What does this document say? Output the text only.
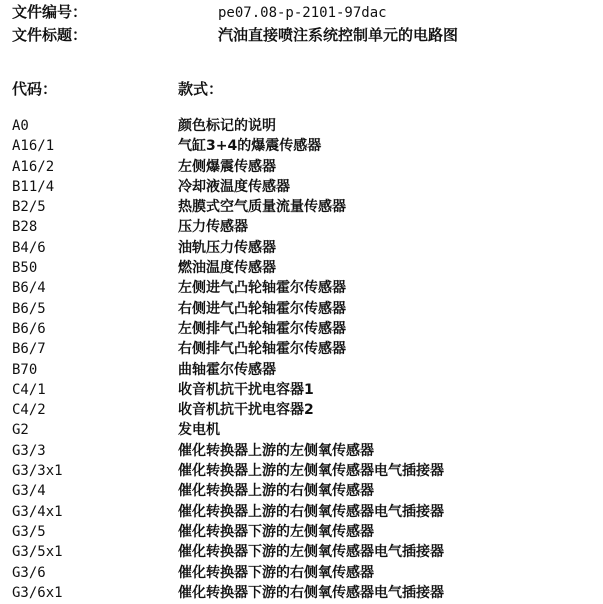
文件编号：	pe07.08-p-2101-97dac
文件标题：	汽油直接喷注系统控制单元的电路图
代码：	款式：
A0	颜色标记的说明
A16/1	气缸3+4的爆震传感器
A16/2	左侧爆震传感器
B11/4	冷却液温度传感器
B2/5	热膜式空气质量流量传感器
B28	压力传感器
B4/6	油轨压力传感器
B50	燃油温度传感器
B6/4	左侧进气凸轮轴霍尔传感器
B6/5	右侧进气凸轮轴霍尔传感器
B6/6	左侧排气凸轮轴霍尔传感器
B6/7	右侧排气凸轮轴霍尔传感器
B70	曲轴霍尔传感器
C4/1	收音机抗干扰电容器1
C4/2	收音机抗干扰电容器2
G2	发电机
G3/3	催化转换器上游的左侧氧传感器
G3/3x1	催化转换器上游的左侧氧传感器电气插接器
G3/4	催化转换器上游的右侧氧传感器
G3/4x1	催化转换器上游的右侧氧传感器电气插接器
G3/5	催化转换器下游的左侧氧传感器
G3/5x1	催化转换器下游的左侧氧传感器电气插接器
G3/6	催化转换器下游的右侧氧传感器
G3/6x1	催化转换器下游的右侧氧传感器电气插接器
